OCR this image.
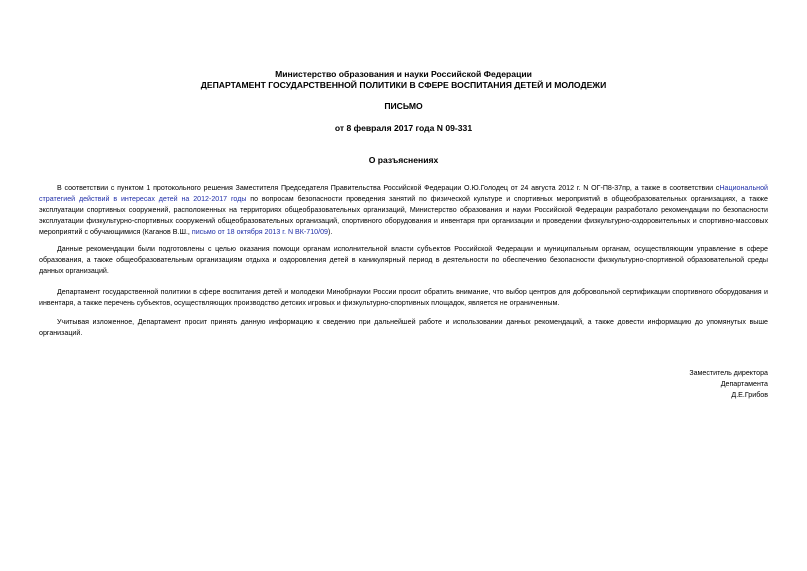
Министерство образования и науки Российской Федерации
ДЕПАРТАМЕНТ ГОСУДАРСТВЕННОЙ ПОЛИТИКИ В СФЕРЕ ВОСПИТАНИЯ ДЕТЕЙ И МОЛОДЕЖИ
ПИСЬМО
от 8 февраля 2017 года N 09-331
О разъяснениях

В соответствии с пунктом 1 протокольного решения Заместителя Председателя Правительства Российской Федерации О.Ю.Голодец от 24 августа 2012 г. N ОГ-П8-37пр, а также в соответствии сНациональной стратегией действий в интересах детей на 2012-2017 годы по вопросам безопасности проведения занятий по физической культуре и спортивных мероприятий в общеобразовательных организациях, а также эксплуатации спортивных сооружений, расположенных на территориях общеобразовательных организаций, Министерство образования и науки Российской Федерации разработало рекомендации по безопасности эксплуатации физкультурно-спортивных сооружений общеобразовательных организаций, спортивного оборудования и инвентаря при организации и проведении физкультурно-оздоровительных и спортивно-массовых мероприятий с обучающимися (Каганов В.Ш., письмо от 18 октября 2013 г. N ВК-710/09).

Данные рекомендации были подготовлены с целью оказания помощи органам исполнительной власти субъектов Российской Федерации и муниципальным органам, осуществляющим управление в сфере образования, а также общеобразовательным организациям отдыха и оздоровления детей в каникулярный период в деятельности по обеспечению безопасности физкультурно-спортивной образовательной среды данных организаций.

Департамент государственной политики в сфере воспитания детей и молодежи Минобрнауки России просит обратить внимание, что выбор центров для добровольной сертификации спортивного оборудования и инвентаря, а также перечень субъектов, осуществляющих производство детских игровых и физкультурно-спортивных площадок, является не ограниченным.

Учитывая изложенное, Департамент просит принять данную информацию к сведению при дальнейшей работе и использовании данных рекомендаций, а также довести информацию до упомянутых выше организаций.

Заместитель директора
Департамента
Д.Е.Грибов
